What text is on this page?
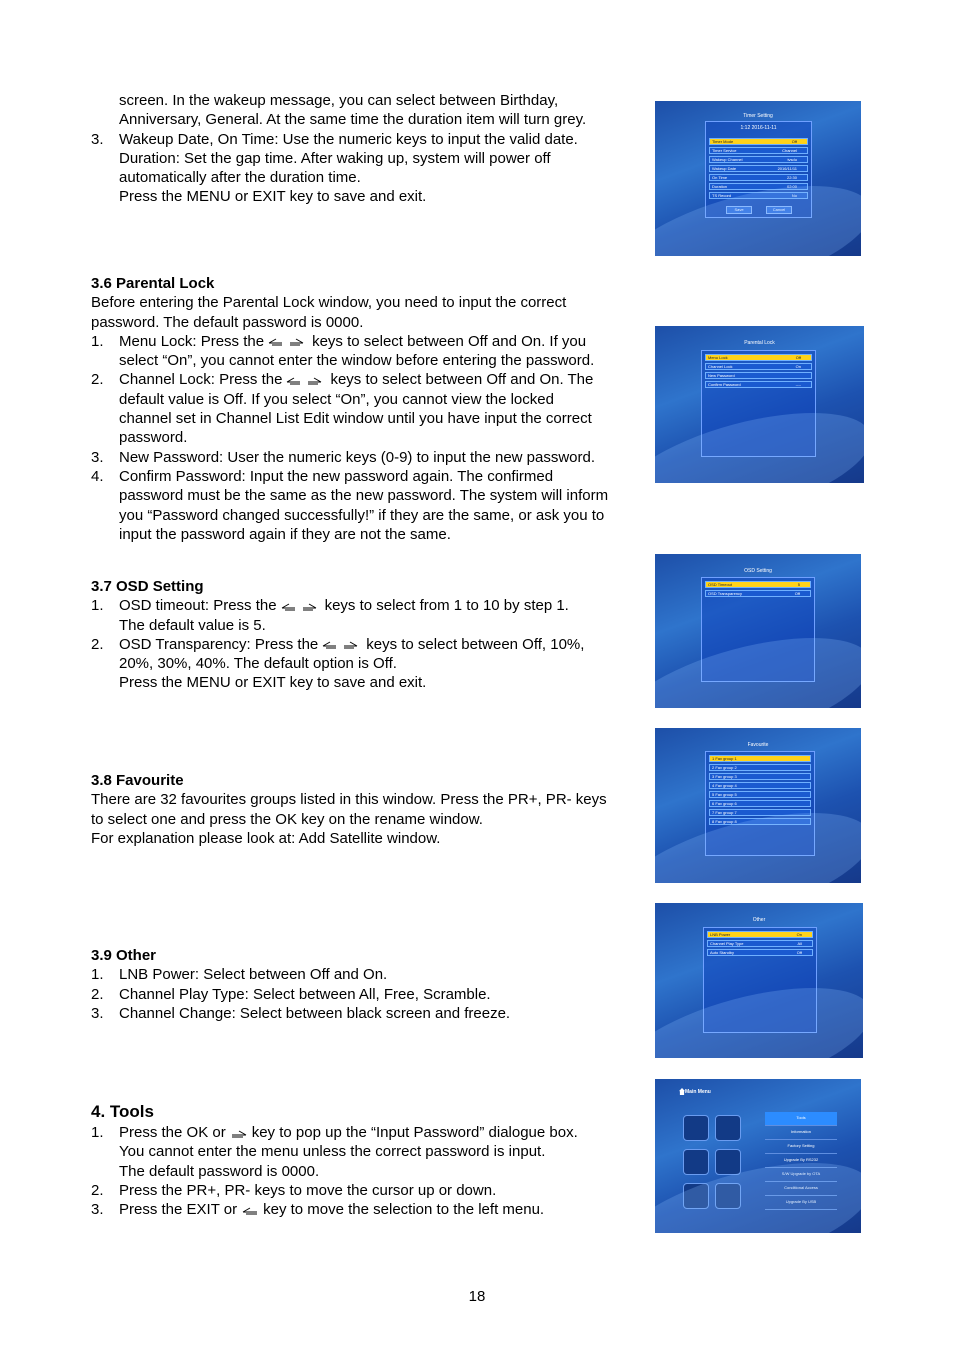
screen. In the wakeup message, you can select between Birthday,

Anniversary, General. At the same time the duration item will turn grey.

3. Wakeup Date, On Time: Use the numeric keys to input the valid date.
Duration: Set the gap time. After waking up, system will power off
automatically after the duration time.
Press the MENU or EXIT key to save and exit.

3.6 Parental Lock

Before entering the Parental Lock window, you need to input the correct

password. The default password is 0000.

1. Menu Lock: Press the	keys to select between Off and On. If you
select “On”, you cannot enter the window before entering the password.
2. Channel Lock: Press the	keys to select between Off and On. The
default value is Off. If you select “On”, you cannot view the locked
channel set in Channel List Edit window until you have input the correct
password.
3. New Password: User the numeric keys (0-9) to input the new password.
4. Confirm Password: Input the new password again. The confirmed
password must be the same as the new password. The system will inform
you “Password changed successfully!” if they are the same, or ask you to
input the password again if they are not the same.

3.7 OSD Setting

1. OSD timeout: Press the	keys to select from 1 to 10 by step 1.
The default value is 5.
2. OSD Transparency: Press the	keys to select between Off, 10%,
20%, 30%, 40%. The default option is Off.
Press the MENU or EXIT key to save and exit.

3.8 Favourite

There are 32 favourites groups listed in this window. Press the PR+, PR- keys

to select one and press the OK key on the rename window.

For explanation please look at: Add Satellite window.

3.9 Other

1. LNB Power: Select between Off and On.
2. Channel Play Type: Select between All, Free, Scramble.
3. Channel Change: Select between black screen and freeze.

4. Tools

1. Press the OK or key to pop up the “Input Password” dialogue box.
You cannot enter the menu unless the correct password is input.
The default password is 0000.
2. Press the PR+, PR- keys to move the cursor up or down.
3. Press the EXIT or key to move the selection to the left menu.
Timer Setting
1:12 2016-11-11
Timer Mode	Off
Timer Service	Channel
Wakeup Channel	tvsdu
Wakeup Date	2016/11/11
On Time	22:30
Duration	02:00
TS Record	No
Save	Cancel
Parental Lock
Menu Lock	Off
Channel Lock	On
New Password
Confirm Password	----
OSD Setting
OSD Timeout	5
OSD Transparency	Off
Favourite
1 Fav group 1
2 Fav group 2
3 Fav group 3
4 Fav group 4
5 Fav group 5
6 Fav group 6
7 Fav group 7
8 Fav group 8
Other
LNB Power	On
Channel Play Type	All
Auto Standby	Off
Main Menu
Tools
Information
Factory Setting
Upgrade By RS232
S/W Upgrade by OTA
Conditional Access
Upgrade By USB
18
